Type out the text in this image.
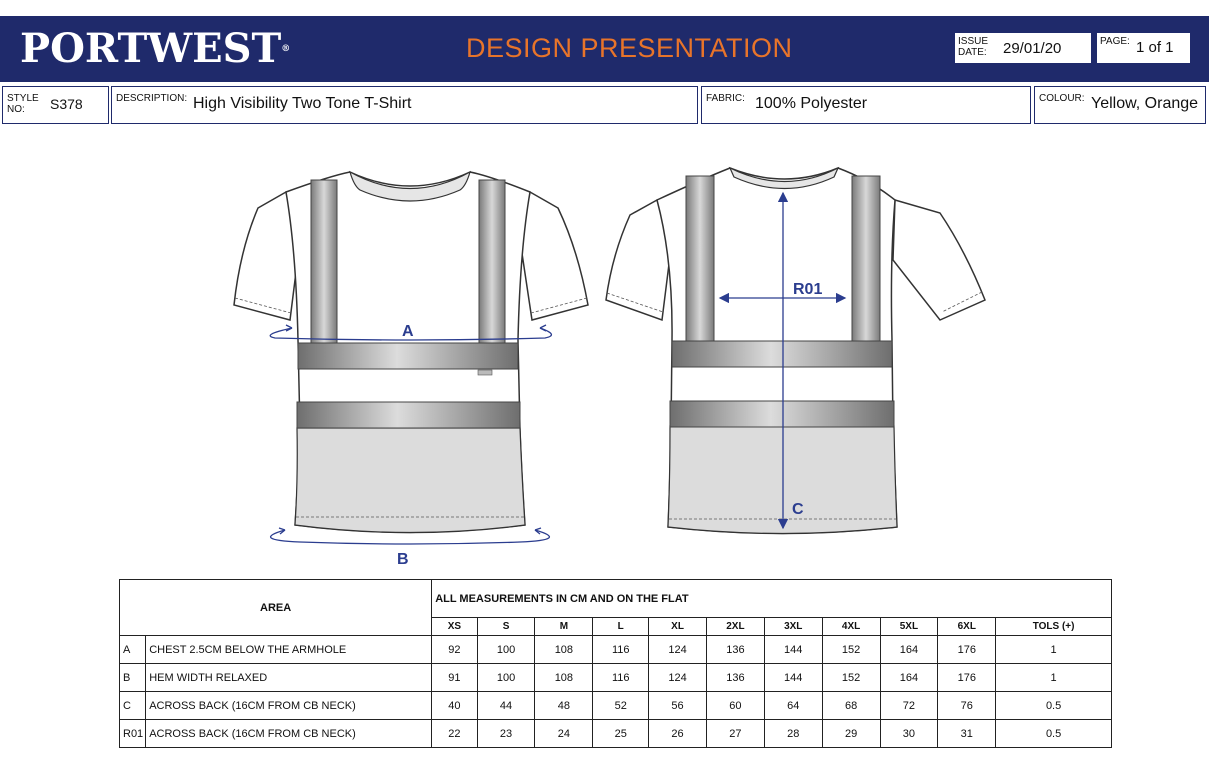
PORTWEST®	DESIGN PRESENTATION	ISSUE
DATE: 29/01/20	PAGE: 1 of 1
STYLE
NO:	S378	DESCRIPTION: High Visibility Two Tone T-Shirt	FABRIC: 100% Polyester	COLOUR: Yellow, Orange
A
B
R01
C
AREA		ALL MEASUREMENTS IN CM AND ON THE FLAT										
		XS	S	M	L	XL	2XL	3XL	4XL	5XL	6XL	TOLS (+)
A	CHEST 2.5CM BELOW THE ARMHOLE	92	100	108	116	124	136	144	152	164	176	1
B	HEM WIDTH RELAXED	91	100	108	116	124	136	144	152	164	176	1
C	ACROSS BACK (16CM FROM CB NECK)	40	44	48	52	56	60	64	68	72	76	0.5
R01	ACROSS BACK (16CM FROM CB NECK)	22	23	24	25	26	27	28	29	30	31	0.5
